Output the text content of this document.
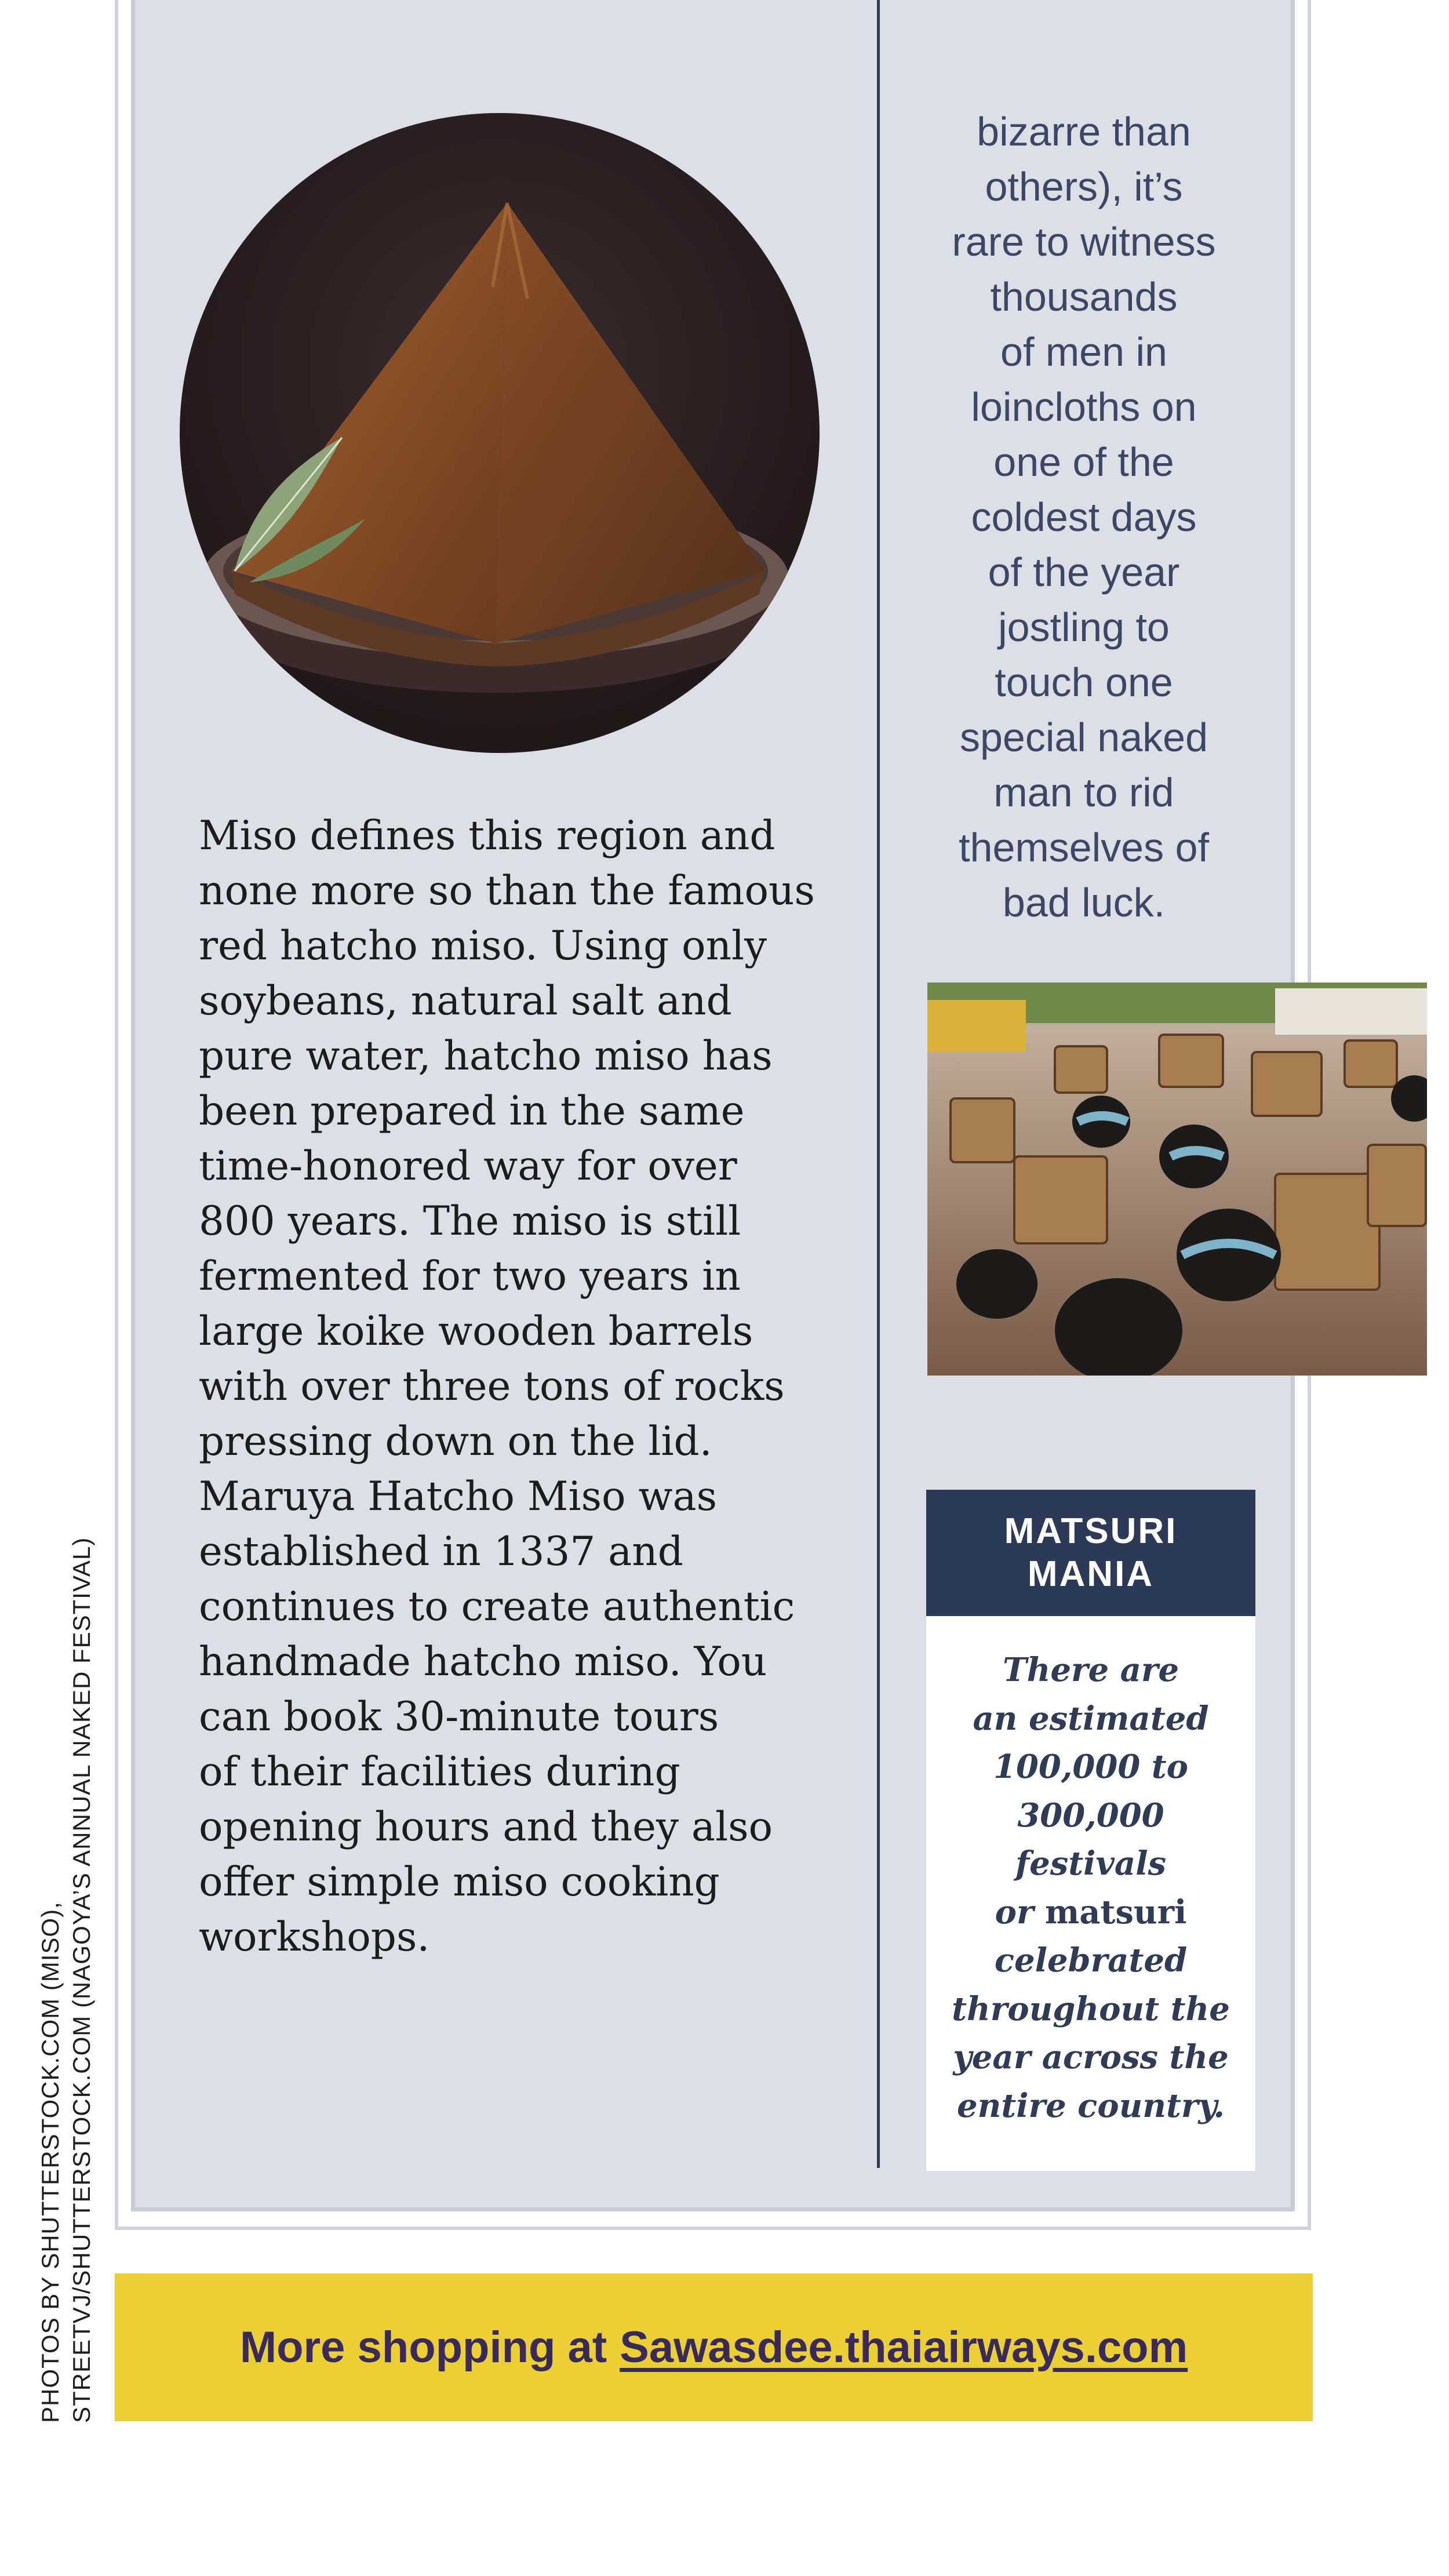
Miso defines this region and
none more so than the famous
red hatcho miso. Using only
soybeans, natural salt and
pure water, hatcho miso has
been prepared in the same
time-honored way for over
800 years. The miso is still
fermented for two years in
large koike wooden barrels
with over three tons of rocks
pressing down on the lid.
Maruya Hatcho Miso was
established in 1337 and
continues to create authentic
handmade hatcho miso. You
can book 30-minute tours
of their facilities during
opening hours and they also
offer simple miso cooking
workshops.
bizarre than
others), it’s
rare to witness
thousands
of men in
loincloths on
one of the
coldest days
of the year
jostling to
touch one
special naked
man to rid
themselves of
bad luck.
MATSURI
MANIA
There are
an estimated
100,000 to
300,000
festivals
or matsuri
celebrated
throughout the
year across the
entire country.
More shopping at Sawasdee.thaiairways.com
PHOTOS BY SHUTTERSTOCK.COM (MISO), STREETVJ/SHUTTERSTOCK.COM (NAGOYA’S ANNUAL NAKED FESTIVAL)
